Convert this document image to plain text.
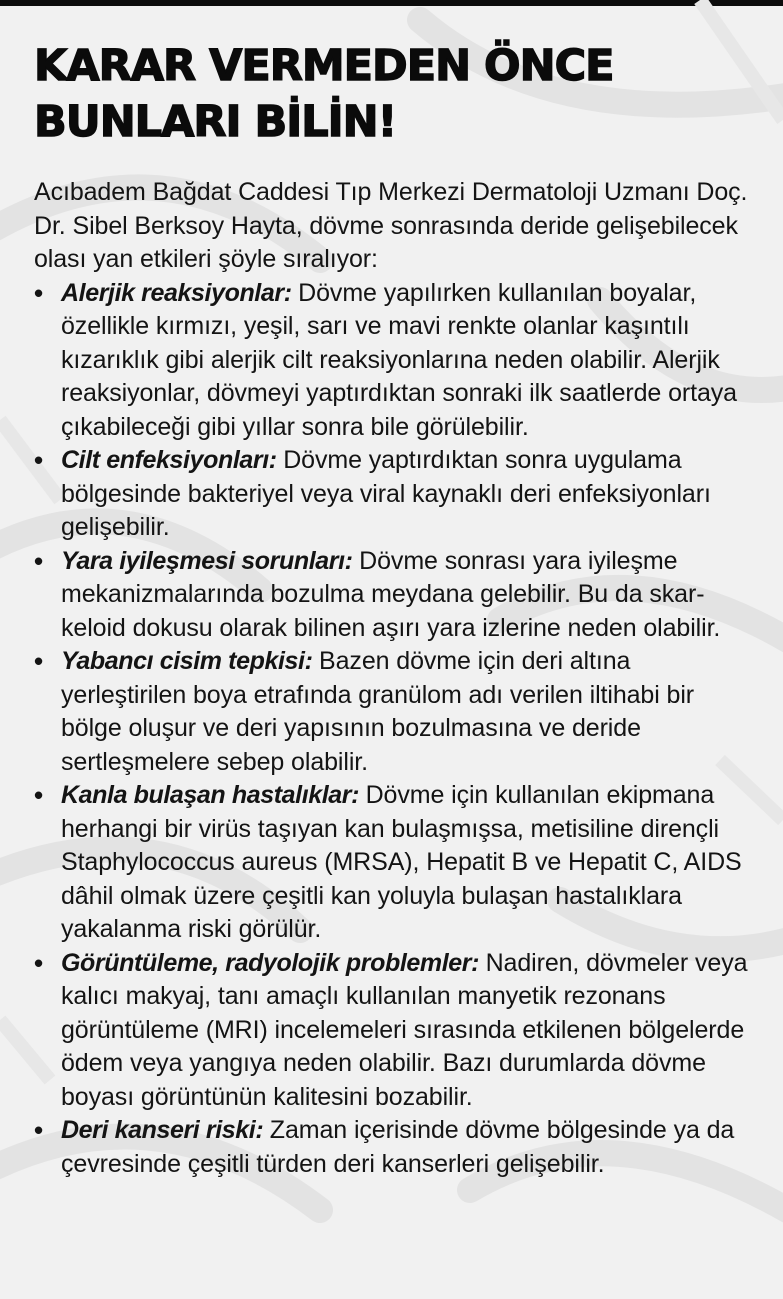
KARAR VERMEDEN ÖNCE
BUNLARI BİLİN!

Acıbadem Bağdat Caddesi Tıp Merkezi Dermatoloji Uzmanı Doç. Dr. Sibel Berksoy Hayta, dövme sonrasında deride gelişebilecek olası yan etkileri şöyle sıralıyor:

• Alerjik reaksiyonlar: Dövme yapılırken kullanılan boyalar, özellikle kırmızı, yeşil, sarı ve mavi renkte olanlar kaşıntılı kızarıklık gibi alerjik cilt reaksiyonlarına neden olabilir. Alerjik reaksiyonlar, dövmeyi yaptırdıktan sonraki ilk saatlerde ortaya çıkabileceği gibi yıllar sonra bile görülebilir.
• Cilt enfeksiyonları: Dövme yaptırdıktan sonra uygulama bölgesinde bakteriyel veya viral kaynaklı deri enfeksiyonları gelişebilir.
• Yara iyileşmesi sorunları: Dövme sonrası yara iyileşme mekanizmalarında bozulma meydana gelebilir. Bu da skar-keloid dokusu olarak bilinen aşırı yara izlerine neden olabilir.
• Yabancı cisim tepkisi: Bazen dövme için deri altına yerleştirilen boya etrafında granülom adı verilen iltihabi bir bölge oluşur ve deri yapısının bozulmasına ve deride sertleşmelere sebep olabilir.
• Kanla bulaşan hastalıklar: Dövme için kullanılan ekipmana herhangi bir virüs taşıyan kan bulaşmışsa, metisiline dirençli Staphylococcus aureus (MRSA), Hepatit B ve Hepatit C, AIDS dâhil olmak üzere çeşitli kan yoluyla bulaşan hastalıklara yakalanma riski görülür.
• Görüntüleme, radyolojik problemler: Nadiren, dövmeler veya kalıcı makyaj, tanı amaçlı kullanılan manyetik rezonans görüntüleme (MRI) incelemeleri sırasında etkilenen bölgelerde ödem veya yangıya neden olabilir. Bazı durumlarda dövme boyası görüntünün kalitesini bozabilir.
• Deri kanseri riski: Zaman içerisinde dövme bölgesinde ya da çevresinde çeşitli türden deri kanserleri gelişebilir.
